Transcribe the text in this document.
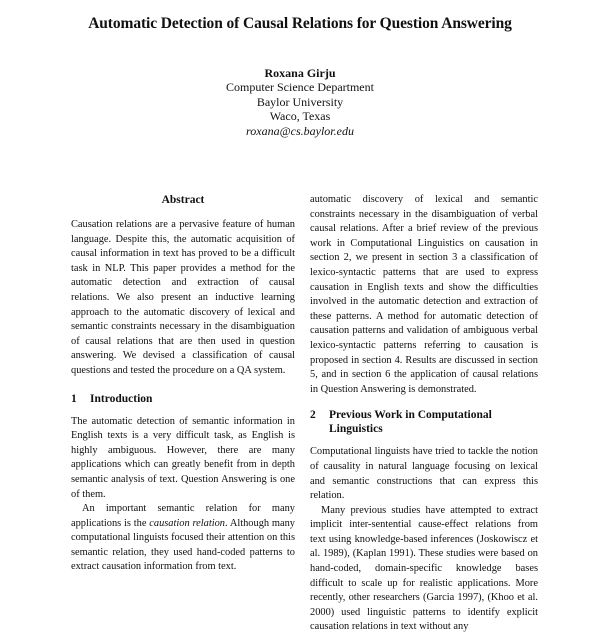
Automatic Detection of Causal Relations for Question Answering
Roxana Girju
Computer Science Department
Baylor University
Waco, Texas
roxana@cs.baylor.edu
Abstract

Causation relations are a pervasive feature of human language. Despite this, the automatic acquisition of causal information in text has proved to be a difficult task in NLP. This paper provides a method for the automatic detection and extraction of causal relations. We also present an inductive learning approach to the automatic discovery of lexical and semantic constraints necessary in the disambiguation of causal relations that are then used in question answering. We devised a classification of causal questions and tested the procedure on a QA system.

1 Introduction

The automatic detection of semantic information in English texts is a very difficult task, as English is highly ambiguous. However, there are many applications which can greatly benefit from in depth semantic analysis of text. Question Answering is one of them.

An important semantic relation for many applications is the causation relation. Although many computational linguists focused their attention on this semantic relation, they used hand-coded patterns to extract causation information from text.

automatic discovery of lexical and semantic constraints necessary in the disambiguation of verbal causal relations. After a brief review of the previous work in Computational Linguistics on causation in section 2, we present in section 3 a classification of lexico-syntactic patterns that are used to express causation in English texts and show the difficulties involved in the automatic detection and extraction of these patterns. A method for automatic detection of causation patterns and validation of ambiguous verbal lexico-syntactic patterns referring to causation is proposed in section 4. Results are discussed in section 5, and in section 6 the application of causal relations in Question Answering is demonstrated.

2	Previous Work in Computational
Linguistics

Computational linguists have tried to tackle the notion of causality in natural language focusing on lexical and semantic constructions that can express this relation.

Many previous studies have attempted to extract implicit inter-sentential cause-effect relations from text using knowledge-based inferences (Joskowiscz et al. 1989), (Kaplan 1991). These studies were based on hand-coded, domain-specific knowledge bases difficult to scale up for realistic applications. More recently, other researchers (Garcia 1997), (Khoo et al. 2000) used linguistic patterns to identify explicit causation relations in text without any
